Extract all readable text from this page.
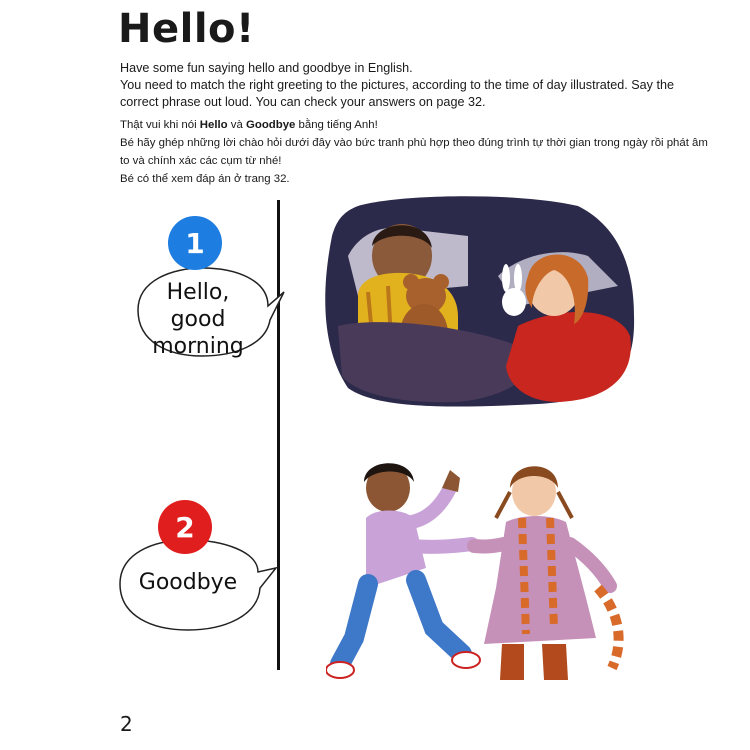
Hello!

Have some fun saying hello and goodbye in English.

You need to match the right greeting to the pictures, according to the time of day illustrated. Say the correct phrase out loud. You can check your answers on page 32.

Thật vui khi nói Hello và Goodbye bằng tiếng Anh!

Bé hãy ghép những lời chào hỏi dưới đây vào bức tranh phù hợp theo đúng trình tự thời gian trong ngày rồi phát âm to và chính xác các cụm từ nhé!

Bé có thể xem đáp án ở trang 32.

1
Hello,
good morning
2
Goodbye
2
